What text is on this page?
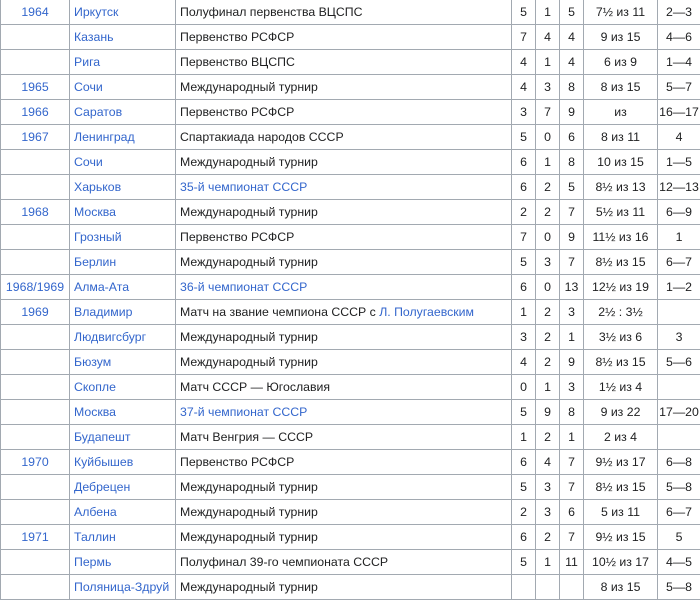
1964	Иркутск	Полуфинал первенства ВЦСПС	5	1	5	7½ из 11	2—3
	Казань	Первенство РСФСР	7	4	4	9 из 15	4—6
	Рига	Первенство ВЦСПС	4	1	4	6 из 9	1—4
1965	Сочи	Международный турнир	4	3	8	8 из 15	5—7
1966	Саратов	Первенство РСФСР	3	7	9	из	16—17
1967	Ленинград	Спартакиада народов СССР	5	0	6	8 из 11	4
	Сочи	Международный турнир	6	1	8	10 из 15	1—5
	Харьков	35-й чемпионат СССР	6	2	5	8½ из 13	12—13
1968	Москва	Международный турнир	2	2	7	5½ из 11	6—9
	Грозный	Первенство РСФСР	7	0	9	11½ из 16	1
	Берлин	Международный турнир	5	3	7	8½ из 15	6—7
1968/1969	Алма-Ата	36-й чемпионат СССР	6	0	13	12½ из 19	1—2
1969	Владимир	Матч на звание чемпиона СССР с Л. Полугаевским	1	2	3	2½ : 3½	
	Людвигсбург	Международный турнир	3	2	1	3½ из 6	3
	Бюзум	Международный турнир	4	2	9	8½ из 15	5—6
	Скопле	Матч СССР — Югославия	0	1	3	1½ из 4	
	Москва	37-й чемпионат СССР	5	9	8	9 из 22	17—20
	Будапешт	Матч Венгрия — СССР	1	2	1	2 из 4	
1970	Куйбышев	Первенство РСФСР	6	4	7	9½ из 17	6—8
	Дебрецен	Международный турнир	5	3	7	8½ из 15	5—8
	Албена	Международный турнир	2	3	6	5 из 11	6—7
1971	Таллин	Международный турнир	6	2	7	9½ из 15	5
	Пермь	Полуфинал 39-го чемпионата СССР	5	1	11	10½ из 17	4—5
	Поляница-Здруй	Международный турнир				8 из 15	5—8
